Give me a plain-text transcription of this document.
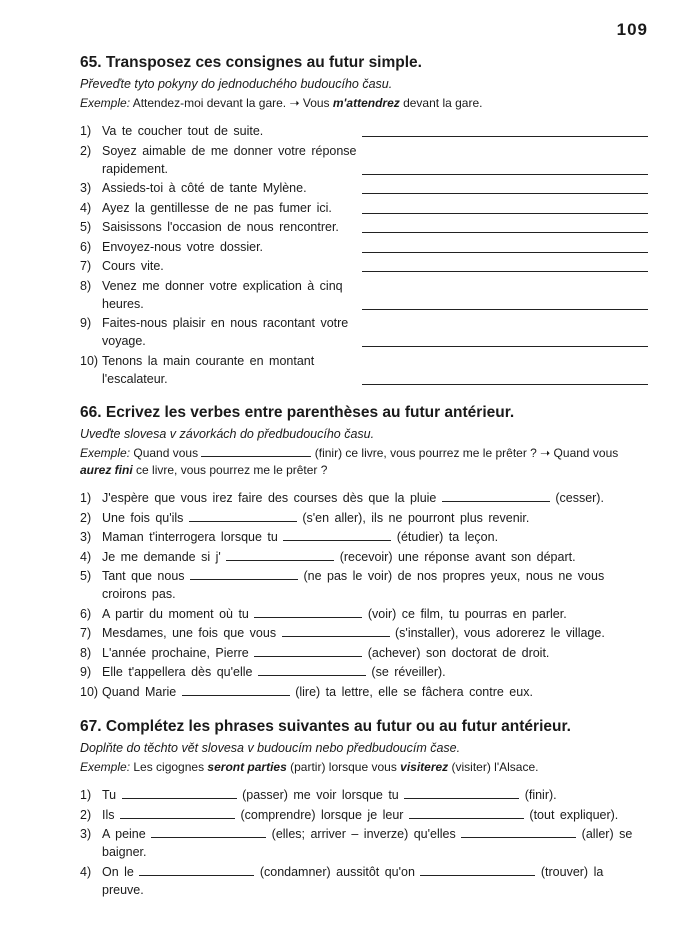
109
65. Transposez ces consignes au futur simple.
Převeďte tyto pokyny do jednoduchého budoucího času.
Exemple: Attendez-moi devant la gare. ➝ Vous m'attendrez devant la gare.
1) Va te coucher tout de suite.
2) Soyez aimable de me donner votre réponse rapidement.
3) Assieds-toi à côté de tante Mylène.
4) Ayez la gentillesse de ne pas fumer ici.
5) Saisissons l'occasion de nous rencontrer.
6) Envoyez-nous votre dossier.
7) Cours vite.
8) Venez me donner votre explication à cinq heures.
9) Faites-nous plaisir en nous racontant votre voyage.
10) Tenons la main courante en montant l'escalateur.
66. Ecrivez les verbes entre parenthèses au futur antérieur.
Uveďte slovesa v závorkách do předbudoucího času.
Exemple: Quand vous	(finir) ce livre, vous pourrez me le prêter ? ➝ Quand vous aurez fini ce livre, vous pourrez me le prêter ?
1) J'espère que vous irez faire des courses dès que la pluie	(cesser).
2) Une fois qu'ils	(s'en aller), ils ne pourront plus revenir.
3) Maman t'interrogera lorsque tu	(étudier) ta leçon.
4) Je me demande si j'	(recevoir) une réponse avant son départ.
5) Tant que nous	(ne pas le voir) de nos propres yeux, nous ne vous croirons pas.
6) A partir du moment où tu	(voir) ce film, tu pourras en parler.
7) Mesdames, une fois que vous	(s'installer), vous adorerez le village.
8) L'année prochaine, Pierre	(achever) son doctorat de droit.
9) Elle t'appellera dès qu'elle	(se réveiller).
10) Quand Marie	(lire) ta lettre, elle se fâchera contre eux.
67. Complétez les phrases suivantes au futur ou au futur antérieur.
Doplňte do těchto vět slovesa v budoucím nebo předbudoucím čase.
Exemple: Les cigognes seront parties (partir) lorsque vous visiterez (visiter) l'Alsace.
1) Tu	(passer) me voir lorsque tu	(finir).
2) Ils	(comprendre) lorsque je leur	(tout expliquer).
3) A peine	(elles; arriver – inverze) qu'elles	(aller) se baigner.
4) On le	(condamner) aussitôt qu'on	(trouver) la preuve.
